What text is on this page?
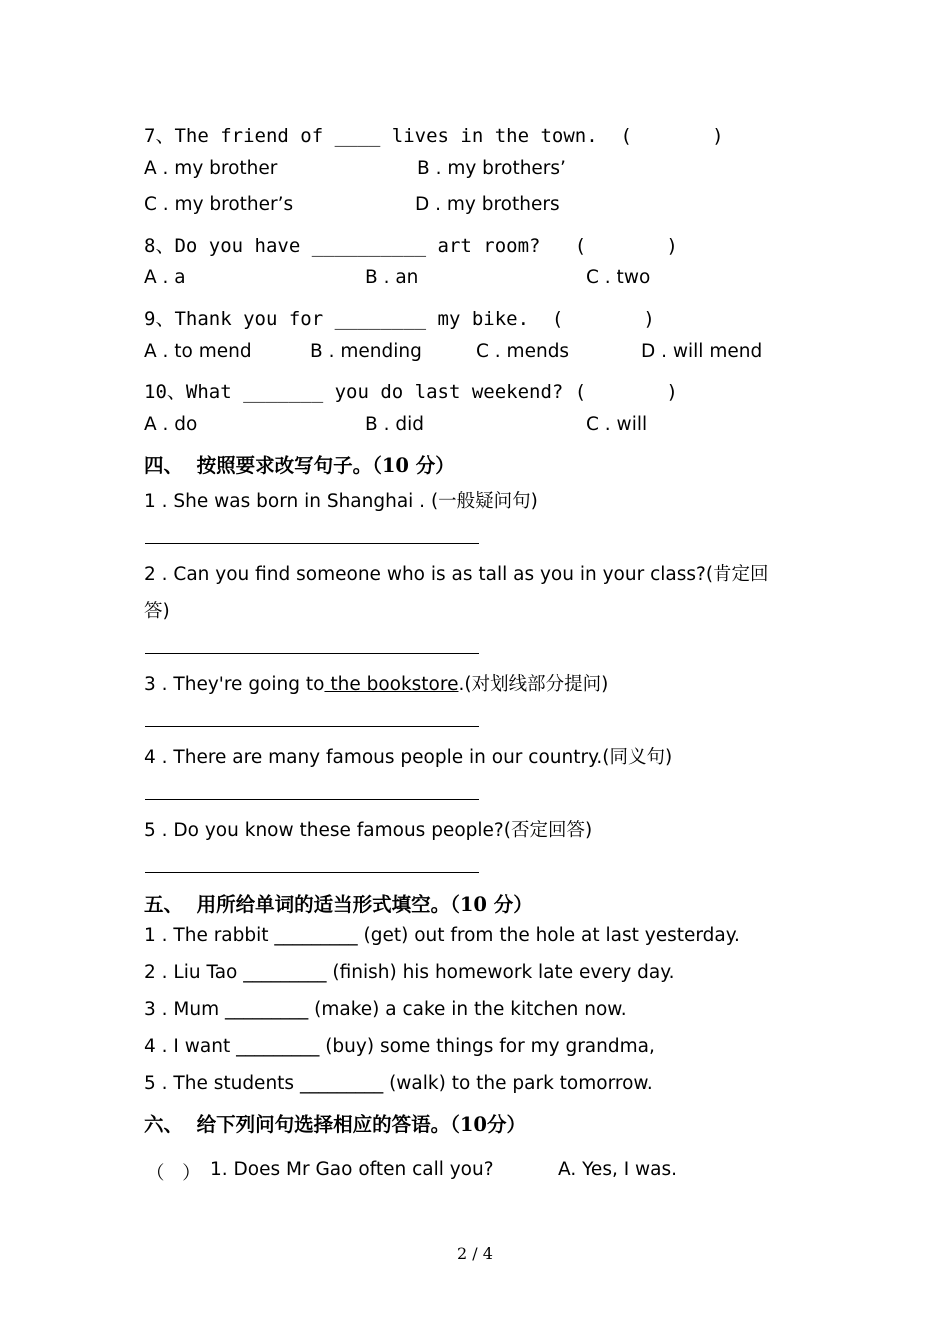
7、The friend of ____ lives in the town.  (       )
A . my brother	B . my brothers’
C . my brother’s	D . my brothers
8、Do you have __________ art room?   (       )
A . a	B . an	C . two
9、Thank you for ________ my bike.  (       )
A . to mend	B . mending	C . mends	D . will mend
10、What _______ you do last weekend? (       )
A . do	B . did	C . will
四、  按照要求改写句子。（10 分）
1 . She was born in Shanghai . (一般疑问句)
2 . Can you find someone who is as tall as you in your class?(肯定回
答)
3 . They're going to the bookstore.(对划线部分提问)
4 . There are many famous people in our country.(同义句)
5 . Do you know these famous people?(否定回答)
五、  用所给单词的适当形式填空。（10 分）
1 . The rabbit _________ (get) out from the hole at last yesterday.
2 . Liu Tao _________ (finish) his homework late every day.
3 . Mum _________ (make) a cake in the kitchen now.
4 . I want _________ (buy) some things for my grandma,
5 . The students _________ (walk) to the park tomorrow.
六、  给下列问句选择相应的答语。（10分）
（   ） 1. Does Mr Gao often call you?	A. Yes, I was.
2 / 4
